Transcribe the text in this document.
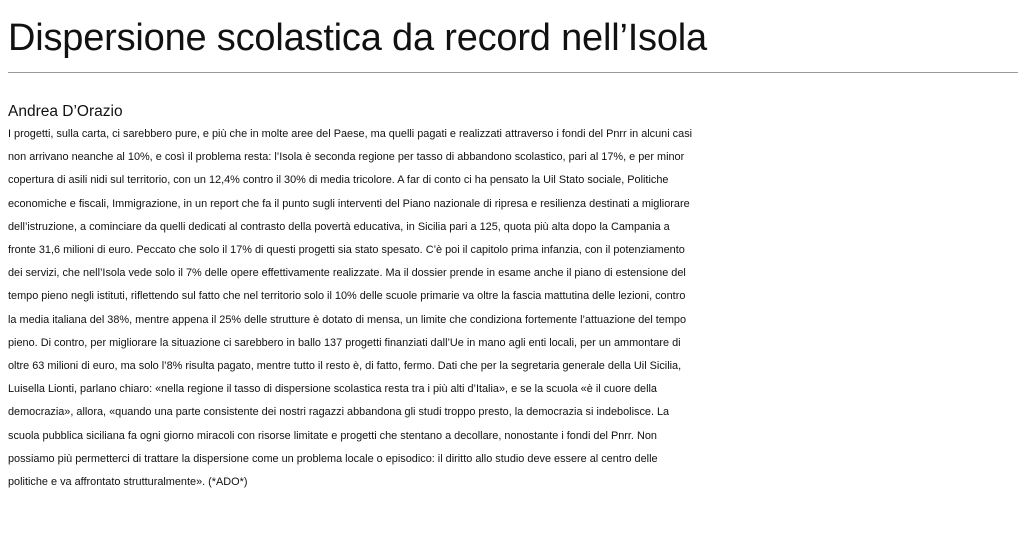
Dispersione scolastica da record nell’Isola

Andrea D’Orazio

I progetti, sulla carta, ci sarebbero pure, e più che in molte aree del Paese, ma quelli pagati e realizzati attraverso i fondi del Pnrr in alcuni casi
non arrivano neanche al 10%, e così il problema resta: l’Isola è seconda regione per tasso di abbandono scolastico, pari al 17%, e per minor
copertura di asili nidi sul territorio, con un 12,4% contro il 30% di media tricolore. A far di conto ci ha pensato la Uil Stato sociale, Politiche
economiche e fiscali, Immigrazione, in un report che fa il punto sugli interventi del Piano nazionale di ripresa e resilienza destinati a migliorare
dell’istruzione, a cominciare da quelli dedicati al contrasto della povertà educativa, in Sicilia pari a 125, quota più alta dopo la Campania a
fronte 31,6 milioni di euro. Peccato che solo il 17% di questi progetti sia stato spesato. C’è poi il capitolo prima infanzia, con il potenziamento
dei servizi, che nell’Isola vede solo il 7% delle opere effettivamente realizzate. Ma il dossier prende in esame anche il piano di estensione del
tempo pieno negli istituti, riflettendo sul fatto che nel territorio solo il 10% delle scuole primarie va oltre la fascia mattutina delle lezioni, contro
la media italiana del 38%, mentre appena il 25% delle strutture è dotato di mensa, un limite che condiziona fortemente l’attuazione del tempo
pieno. Di contro, per migliorare la situazione ci sarebbero in ballo 137 progetti finanziati dall’Ue in mano agli enti locali, per un ammontare di
oltre 63 milioni di euro, ma solo l’8% risulta pagato, mentre tutto il resto è, di fatto, fermo. Dati che per la segretaria generale della Uil Sicilia,
Luisella Lionti, parlano chiaro: «nella regione il tasso di dispersione scolastica resta tra i più alti d’Italia», e se la scuola «è il cuore della
democrazia», allora, «quando una parte consistente dei nostri ragazzi abbandona gli studi troppo presto, la democrazia si indebolisce. La
scuola pubblica siciliana fa ogni giorno miracoli con risorse limitate e progetti che stentano a decollare, nonostante i fondi del Pnrr. Non
possiamo più permetterci di trattare la dispersione come un problema locale o episodico: il diritto allo studio deve essere al centro delle
politiche e va affrontato strutturalmente». (*ADO*)
